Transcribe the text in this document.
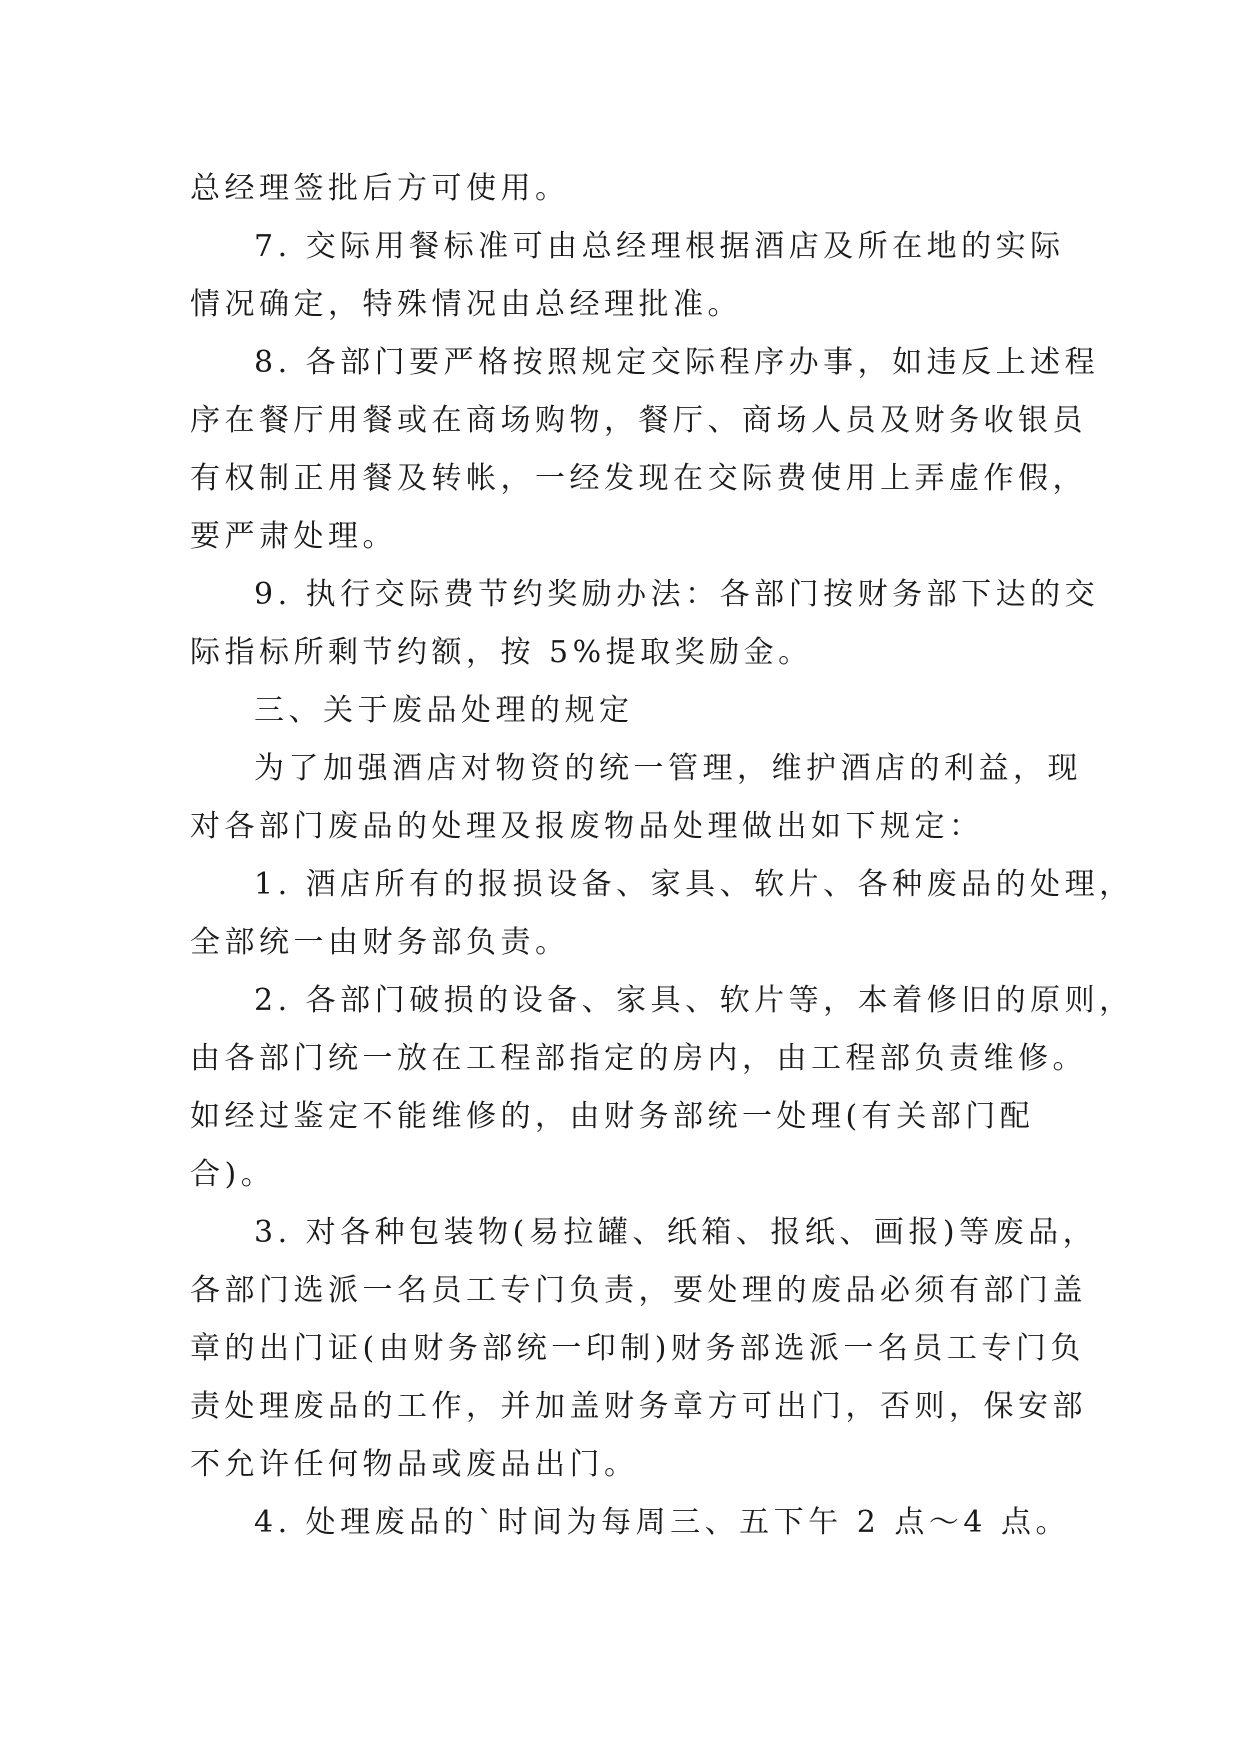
总经理签批后方可使用。
7. 交际用餐标准可由总经理根据酒店及所在地的实际
情况确定，特殊情况由总经理批准。
8. 各部门要严格按照规定交际程序办事，如违反上述程
序在餐厅用餐或在商场购物，餐厅、商场人员及财务收银员
有权制正用餐及转帐，一经发现在交际费使用上弄虚作假，
要严肃处理。
9. 执行交际费节约奖励办法：各部门按财务部下达的交
际指标所剩节约额，按 5%提取奖励金。
三、关于废品处理的规定
为了加强酒店对物资的统一管理，维护酒店的利益，现
对各部门废品的处理及报废物品处理做出如下规定：
1. 酒店所有的报损设备、家具、软片、各种废品的处理，
全部统一由财务部负责。
2. 各部门破损的设备、家具、软片等，本着修旧的原则，
由各部门统一放在工程部指定的房内，由工程部负责维修。
如经过鉴定不能维修的，由财务部统一处理(有关部门配
合)。
3. 对各种包装物(易拉罐、纸箱、报纸、画报)等废品，
各部门选派一名员工专门负责，要处理的废品必须有部门盖
章的出门证(由财务部统一印制)财务部选派一名员工专门负
责处理废品的工作，并加盖财务章方可出门，否则，保安部
不允许任何物品或废品出门。
4. 处理废品的`时间为每周三、五下午 2 点～4 点。
